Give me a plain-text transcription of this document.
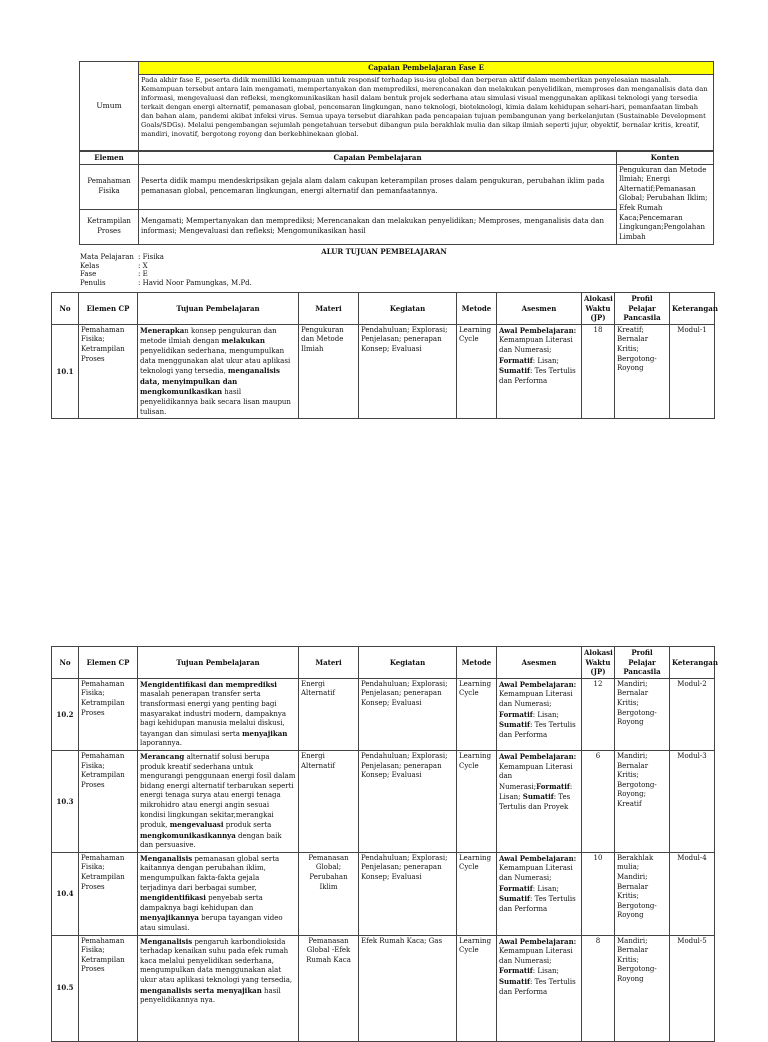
Umum	Capaian Pembelajaran Fase E
Pada akhir fase E, peserta didik memiliki kemampuan untuk responsif terhadap isu-isu global dan berperan aktif dalam memberikan penyelesaian masalah. Kemampuan tersebut antara lain mengamati, mempertanyakan dan memprediksi, merencanakan dan melakukan penyelidikan, memproses dan menganalisis data dan informasi, mengevaluasi dan refleksi, mengkomunikasikan hasil dalam bentuk projek sederhana atau simulasi visual menggunakan aplikasi teknologi yang tersedia terkait dengan energi alternatif, pemanasan global, pencemaran lingkungan, nano teknologi, bioteknologi, kimia dalam kehidupan sehari-hari, pemanfaatan limbah dan bahan alam, pandemi akibat infeksi virus. Semua upaya tersebut diarahkan pada pencapaian tujuan pembangunan yang berkelanjutan (Sustainable Development Goals/SDGs). Melalui pengembangan sejumlah pengetahuan tersebut dibangun pula berakhlak mulia dan sikap ilmiah seperti jujur, obyektif, bernalar kritis, kreatif, mandiri, inovatif, bergotong royong dan berkebhinekaan global.
Elemen	Capaian Pembelajaran	Konten
Pemahaman Fisika	Peserta didik mampu mendeskripsikan gejala alam dalam cakupan keterampilan proses dalam pengukuran, perubahan iklim pada pemanasan global, pencemaran lingkungan, energi alternatif dan pemanfaatannya.	Pengukuran dan Metode Ilmiah; Energi Alternatif;Pemanasan Global; Perubahan Iklim; Efek Rumah Kaca;Pencemaran Lingkungan;Pengolahan Limbah
Ketrampilan Proses	Mengamati; Mempertanyakan dan memprediksi; Merencanakan dan melakukan penyelidikan; Memproses, menganalisis data dan informasi; Mengevaluasi dan refleksi; Mengomunikasikan hasil	
ALUR TUJUAN PEMBELAJARAN
Mata Pelajaran : Fisika
Kelas	: X
Fase	: E
Penulis	: Havid Noor Pamungkas, M.Pd.
No	Elemen CP	Tujuan Pembelajaran	Materi	Kegiatan	Metode	Asesmen	Alokasi Waktu (JP)	Profil Pelajar Pancasila	Keterangan
10.1	Pemahaman Fisika; Ketrampilan Proses	Menerapkan konsep pengukuran dan metode ilmiah dengan melakukan penyelidikan sederhana, mengumpulkan data menggunakan alat ukur atau aplikasi teknologi yang tersedia, menganalisis data, menyimpulkan dan mengkomunikasikan hasil penyelidikannya baik secara lisan maupun tulisan.	Pengukuran dan Metode Ilmiah	Pendahuluan; Explorasi; Penjelasan; penerapan Konsep; Evaluasi	Learning Cycle	Awal Pembelajaran: Kemampuan Literasi dan Numerasi; Formatif: Lisan; Sumatif: Tes Tertulis dan Performa	18	Kreatif; Bernalar Kritis; Bergotong-Royong	Modul-1
No	Elemen CP	Tujuan Pembelajaran	Materi	Kegiatan	Metode	Asesmen	Alokasi Waktu (JP)	Profil Pelajar Pancasila	Keterangan
10.2	Pemahaman Fisika; Ketrampilan Proses	Mengidentifikasi dan memprediksi masalah penerapan transfer serta transformasi energi yang penting bagi masyarakat industri modern, dampaknya bagi kehidupan manusia melalui diskusi, tayangan dan simulasi serta menyajikan laporannya.	Energi Alternatif	Pendahuluan; Explorasi; Penjelasan; penerapan Konsep; Evaluasi	Learning Cycle	Awal Pembelajaran: Kemampuan Literasi dan Numerasi; Formatif: Lisan; Sumatif: Tes Tertulis dan Performa	12	Mandiri; Bernalar Kritis; Bergotong-Royong	Modul-2
10.3	Pemahaman Fisika; Ketrampilan Proses	Merancang alternatif solusi berupa produk kreatif sederhana untuk mengurangi penggunaan energi fosil dalam bidang energi alternatif terbarukan seperti energi tenaga surya atau energi tenaga mikrohidro atau energi angin sesuai kondisi lingkungan sekitar,merangkai produk, mengevaluasi produk serta mengkomunikasikannya dengan baik dan persuasive.	Energi Alternatif	Pendahuluan; Explorasi; Penjelasan; penerapan Konsep; Evaluasi	Learning Cycle	Awal Pembelajaran: Kemampuan Literasi dan Numerasi;Formatif: Lisan; Sumatif: Tes Tertulis dan Proyek	6	Mandiri; Bernalar Kritis; Bergotong-Royong; Kreatif	Modul-3
10.4	Pemahaman Fisika; Ketrampilan Proses	Menganalisis pemanasan global serta kaitannya dengan perubahan iklim, mengumpulkan fakta-fakta gejala terjadinya dari berbagai sumber, mengidentifikasi penyebab serta dampaknya bagi kehidupan dan menyajikannya berupa tayangan video atau simulasi.	Pemanasan Global; Perubahan Iklim	Pendahuluan; Explorasi; Penjelasan; penerapan Konsep; Evaluasi	Learning Cycle	Awal Pembelajaran: Kemampuan Literasi dan Numerasi; Formatif: Lisan; Sumatif: Tes Tertulis dan Performa	10	Berakhlak mulia; Mandiri; Bernalar Kritis; Bergotong-Royong	Modul-4
10.5	Pemahaman Fisika; Ketrampilan Proses	Menganalisis pengaruh karbondioksida terhadap kenaikan suhu pada efek rumah kaca melalui penyelidikan sederhana, mengumpulkan data menggunakan alat ukur atau aplikasi teknologi yang tersedia, menganalisis serta menyajikan hasil penyelidikannya nya.	Pemanasan Global -Efek Rumah Kaca	Efek Rumah Kaca; Gas	Learning Cycle	Awal Pembelajaran: Kemampuan Literasi dan Numerasi; Formatif: Lisan; Sumatif: Tes Tertulis dan Performa	8	Mandiri; Bernalar Kritis; Bergotong-Royong	Modul-5
